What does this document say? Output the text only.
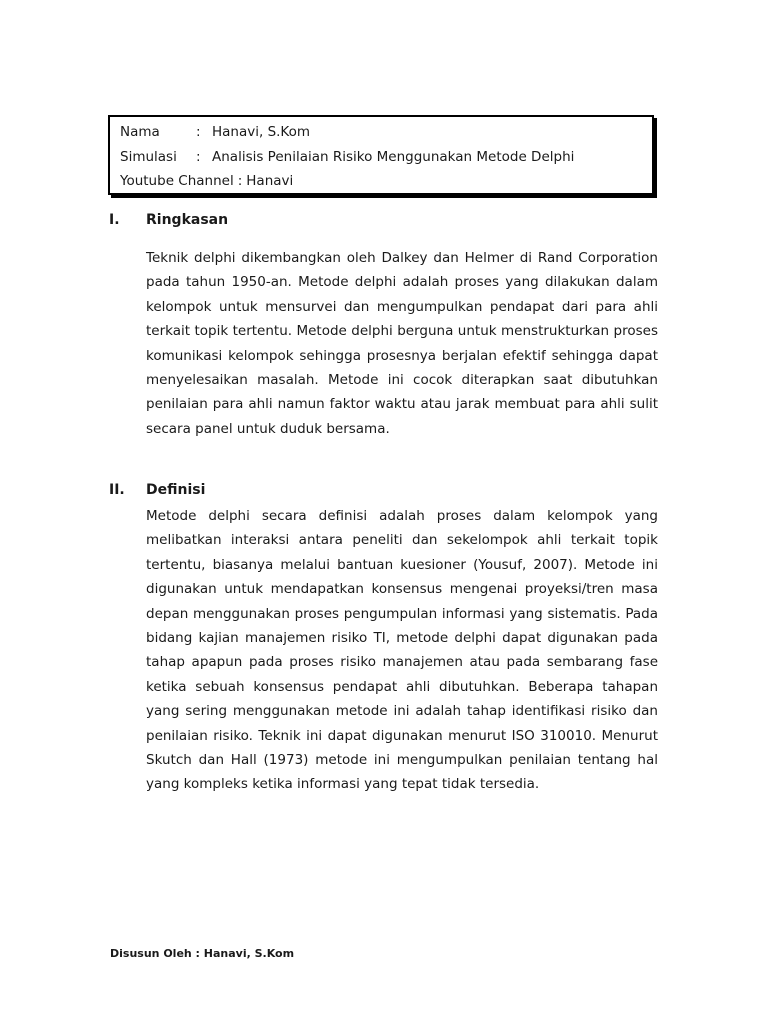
Nama	: Hanavi, S.Kom
Simulasi	: Analisis Penilaian Risiko Menggunakan Metode Delphi
Youtube Channel : Hanavi
I.	Ringkasan

Teknik delphi dikembangkan oleh Dalkey dan Helmer di Rand Corporation pada tahun 1950-an. Metode delphi adalah proses yang dilakukan dalam kelompok untuk mensurvei dan mengumpulkan pendapat dari para ahli terkait topik tertentu. Metode delphi berguna untuk menstrukturkan proses komunikasi kelompok sehingga prosesnya berjalan efektif sehingga dapat menyelesaikan masalah. Metode ini cocok diterapkan saat dibutuhkan penilaian para ahli namun faktor waktu atau jarak membuat para ahli sulit secara panel untuk duduk bersama.

II.	Definisi

Metode delphi secara definisi adalah proses dalam kelompok yang melibatkan interaksi antara peneliti dan sekelompok ahli terkait topik tertentu, biasanya melalui bantuan kuesioner (Yousuf, 2007). Metode ini digunakan untuk mendapatkan konsensus mengenai proyeksi/tren masa depan menggunakan proses pengumpulan informasi yang sistematis. Pada bidang kajian manajemen risiko TI, metode delphi dapat digunakan pada tahap apapun pada proses risiko manajemen atau pada sembarang fase ketika sebuah konsensus pendapat ahli dibutuhkan. Beberapa tahapan yang sering menggunakan metode ini adalah tahap identifikasi risiko dan penilaian risiko. Teknik ini dapat digunakan menurut ISO 310010. Menurut Skutch dan Hall (1973) metode ini mengumpulkan penilaian tentang hal yang kompleks ketika informasi yang tepat tidak tersedia.

Disusun Oleh : Hanavi, S.Kom
